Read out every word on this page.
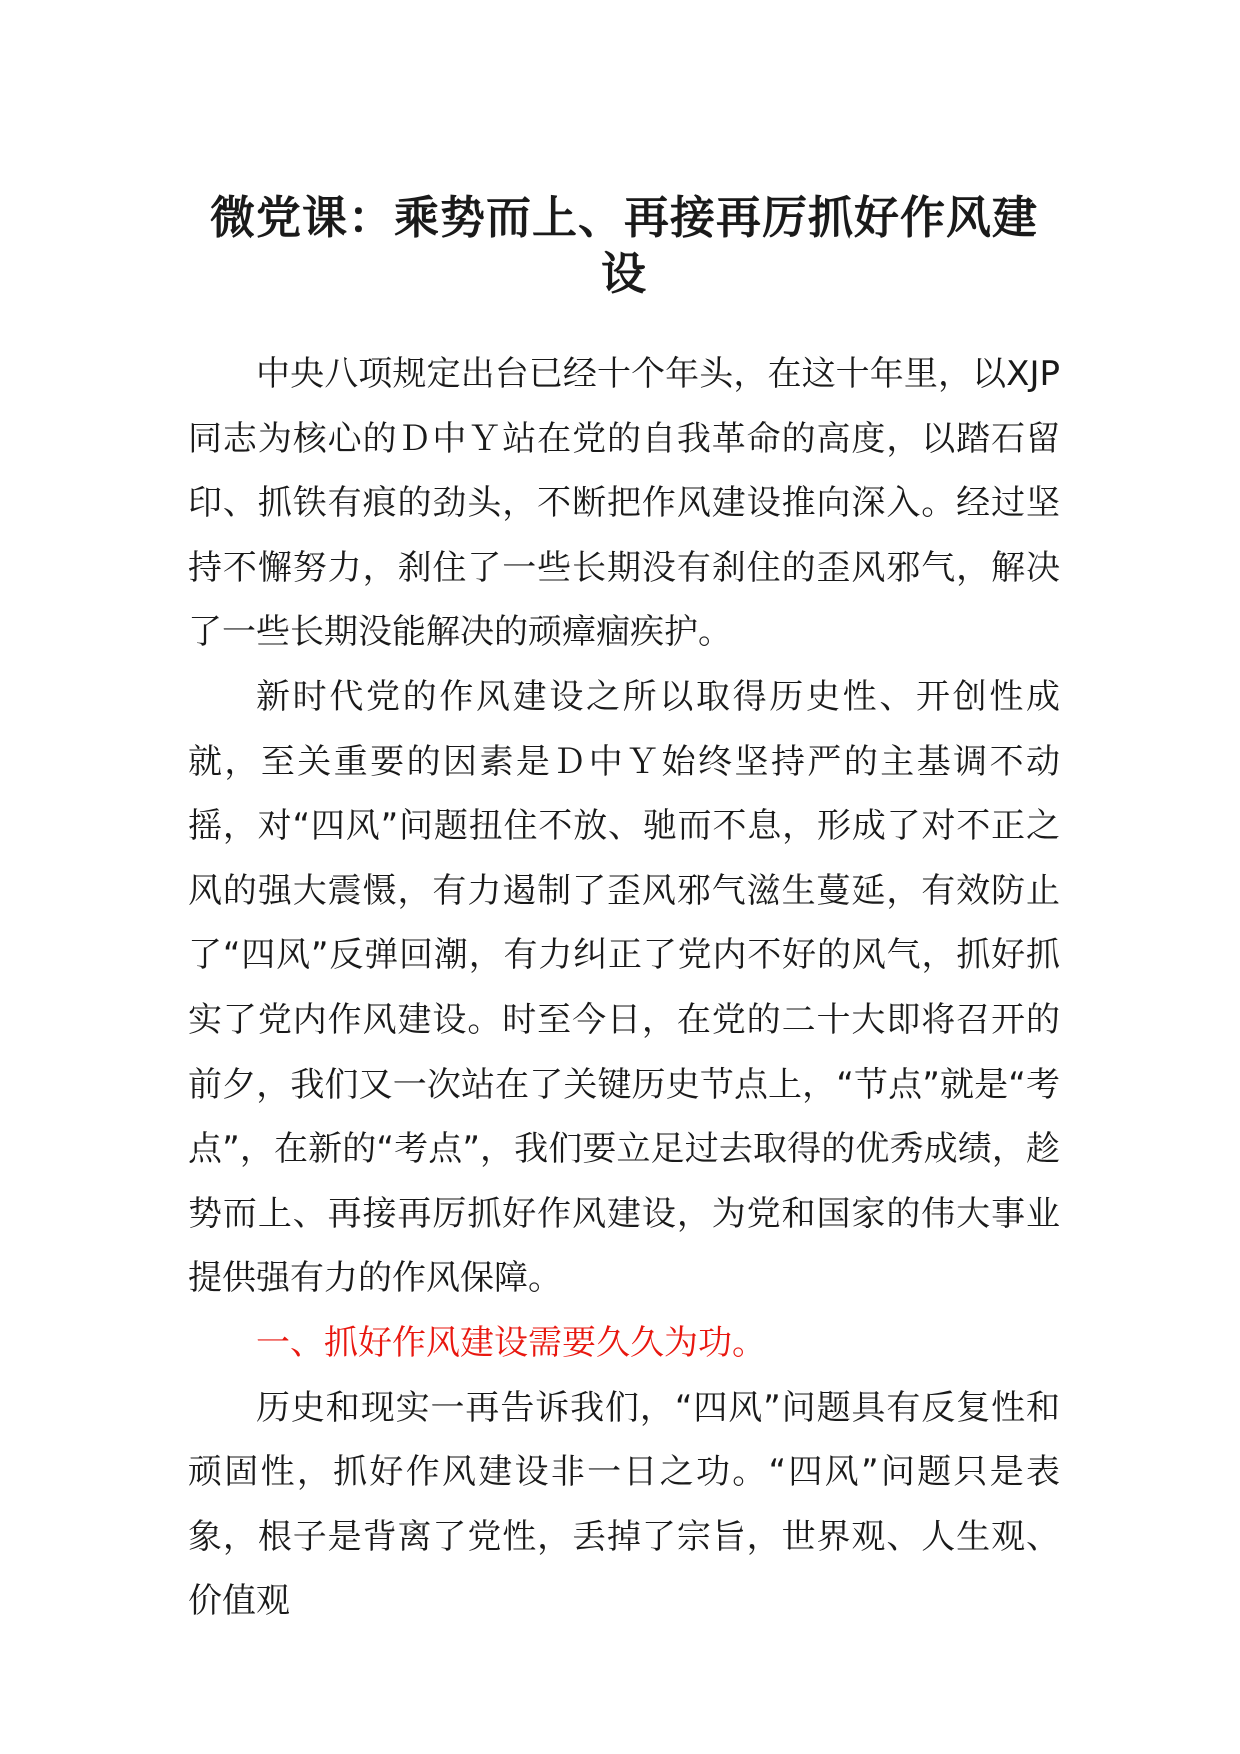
微党课：乘势而上、再接再厉抓好作风建设

中央八项规定出台已经十个年头，在这十年里，以XJP同志为核心的Ｄ中Ｙ站在党的自我革命的高度，以踏石留印、抓铁有痕的劲头，不断把作风建设推向深入。经过坚持不懈努力，刹住了一些长期没有刹住的歪风邪气，解决了一些长期没能解决的顽瘴痼疾护。

新时代党的作风建设之所以取得历史性、开创性成就，至关重要的因素是Ｄ中Ｙ始终坚持严的主基调不动摇，对“四风”问题扭住不放、驰而不息，形成了对不正之风的强大震慑，有力遏制了歪风邪气滋生蔓延，有效防止了“四风”反弹回潮，有力纠正了党内不好的风气，抓好抓实了党内作风建设。时至今日，在党的二十大即将召开的前夕，我们又一次站在了关键历史节点上，“节点”就是“考点”，在新的“考点”，我们要立足过去取得的优秀成绩，趁势而上、再接再厉抓好作风建设，为党和国家的伟大事业提供强有力的作风保障。

一、抓好作风建设需要久久为功。

历史和现实一再告诉我们，“四风”问题具有反复性和顽固性，抓好作风建设非一日之功。“四风”问题只是表象，根子是背离了党性，丢掉了宗旨，世界观、人生观、价值观
